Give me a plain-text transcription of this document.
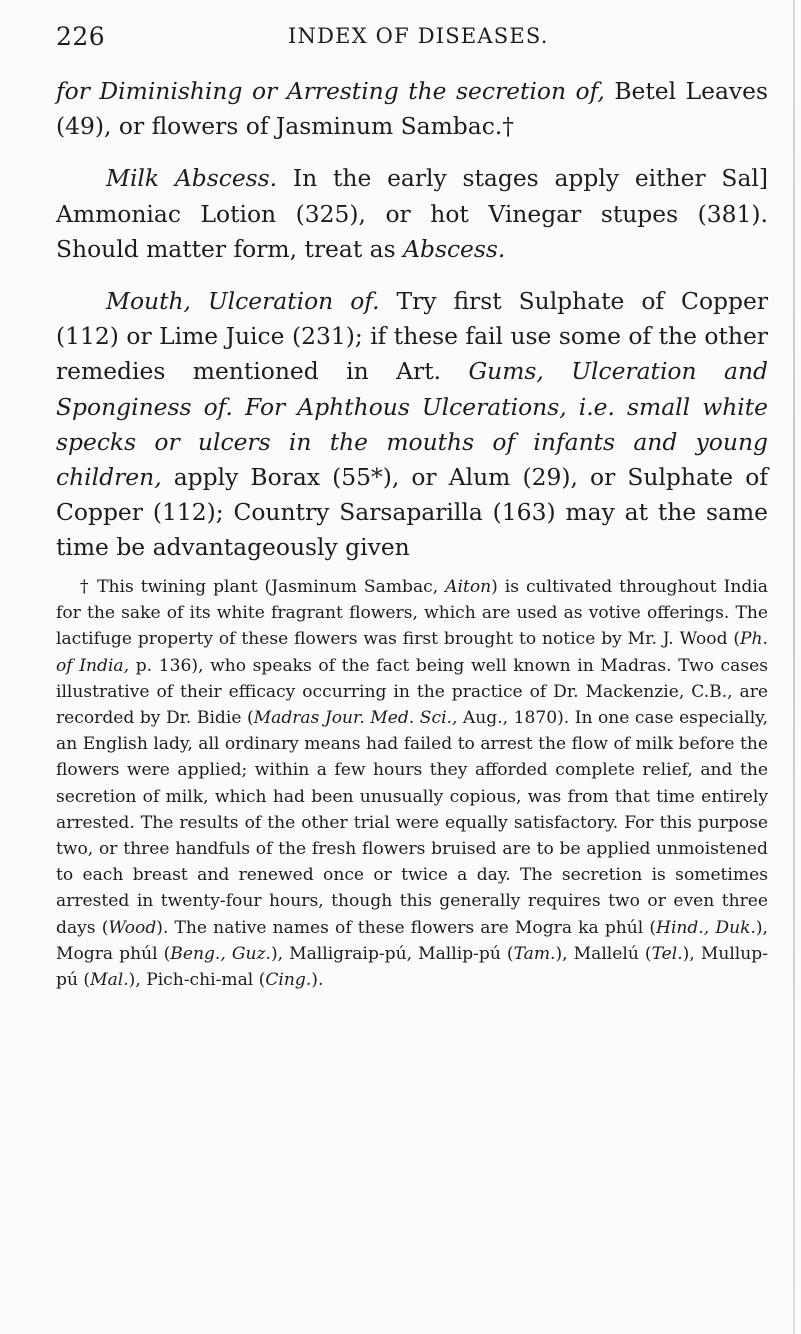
226	INDEX OF DISEASES.

for Diminishing or Arresting the secretion of, Betel Leaves (49), or flowers of Jasminum Sambac.†

Milk Abscess. In the early stages apply either Sal] Ammoniac Lotion (325), or hot Vinegar stupes (381). Should matter form, treat as Abscess.

Mouth, Ulceration of. Try first Sulphate of Copper (112) or Lime Juice (231); if these fail use some of the other remedies mentioned in Art. Gums, Ulceration and Sponginess of. For Aphthous Ulcerations, i.e. small white specks or ulcers in the mouths of infants and young children, apply Borax (55*), or Alum (29), or Sulphate of Copper (112); Country Sarsaparilla (163) may at the same time be advantageously given

† This twining plant (Jasminum Sambac, Aiton) is cultivated throughout India for the sake of its white fragrant flowers, which are used as votive offerings. The lactifuge property of these flowers was first brought to notice by Mr. J. Wood (Ph. of India, p. 136), who speaks of the fact being well known in Madras. Two cases illustrative of their efficacy occurring in the practice of Dr. Mackenzie, C.B., are recorded by Dr. Bidie (Madras Jour. Med. Sci., Aug., 1870). In one case especially, an English lady, all ordinary means had failed to arrest the flow of milk before the flowers were applied; within a few hours they afforded complete relief, and the secretion of milk, which had been unusually copious, was from that time entirely arrested. The results of the other trial were equally satisfactory. For this purpose two, or three handfuls of the fresh flowers bruised are to be applied unmoistened to each breast and renewed once or twice a day. The secretion is sometimes arrested in twenty-four hours, though this generally requires two or even three days (Wood). The native names of these flowers are Mogra ka phúl (Hind., Duk.), Mogra phúl (Beng., Guz.), Malligraip-pú, Mallip-pú (Tam.), Mallelú (Tel.), Mullup-pú (Mal.), Pich-chi-mal (Cing.).
